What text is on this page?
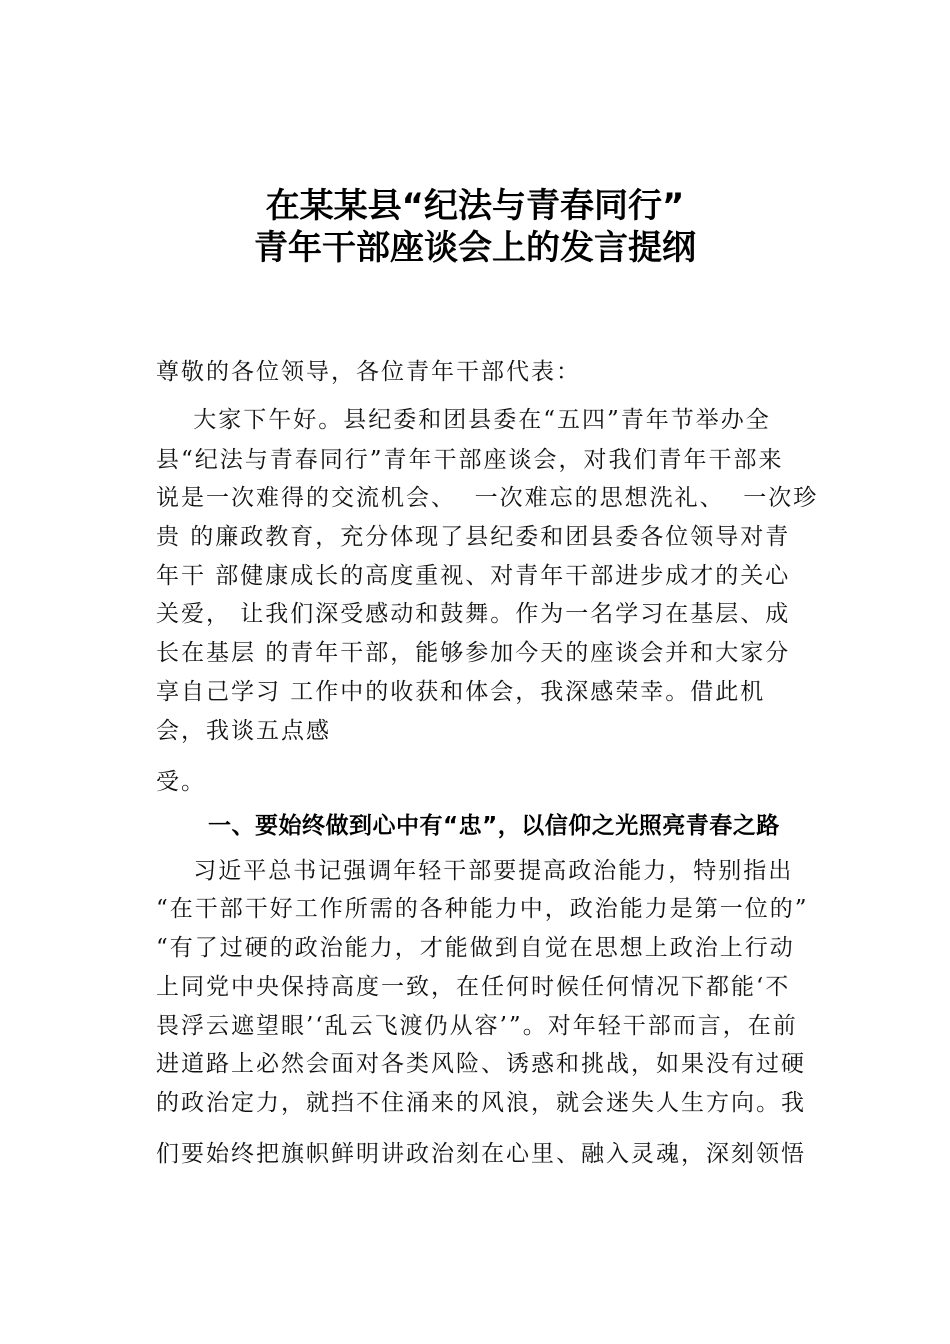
在某某县“纪法与青春同行”
青年干部座谈会上的发言提纲
尊敬的各位领导，各位青年干部代表：
大家下午好。县纪委和团县委在“五四”青年节举办全
县“纪法与青春同行”青年干部座谈会，对我们青年干部来
说是一次难得的交流机会、  一次难忘的思想洗礼、  一次珍
贵 的廉政教育，充分体现了县纪委和团县委各位领导对青
年干 部健康成长的高度重视、对青年干部进步成才的关心
关爱， 让我们深受感动和鼓舞。作为一名学习在基层、成
长在基层 的青年干部，能够参加今天的座谈会并和大家分
享自己学习 工作中的收获和体会，我深感荣幸。借此机
会，我谈五点感
受。
一、要始终做到心中有“忠”，以信仰之光照亮青春之路
习近平总书记强调年轻干部要提高政治能力，特别指出
“在干部干好工作所需的各种能力中，政治能力是第一位的”
“有了过硬的政治能力，才能做到自觉在思想上政治上行动
上同党中央保持高度一致，在任何时候任何情况下都能‘不
畏浮云遮望眼’‘乱云飞渡仍从容’”。对年轻干部而言，在前
进道路上必然会面对各类风险、诱惑和挑战，如果没有过硬
的政治定力，就挡不住涌来的风浪，就会迷失人生方向。我
们要始终把旗帜鲜明讲政治刻在心里、融入灵魂，深刻领悟
